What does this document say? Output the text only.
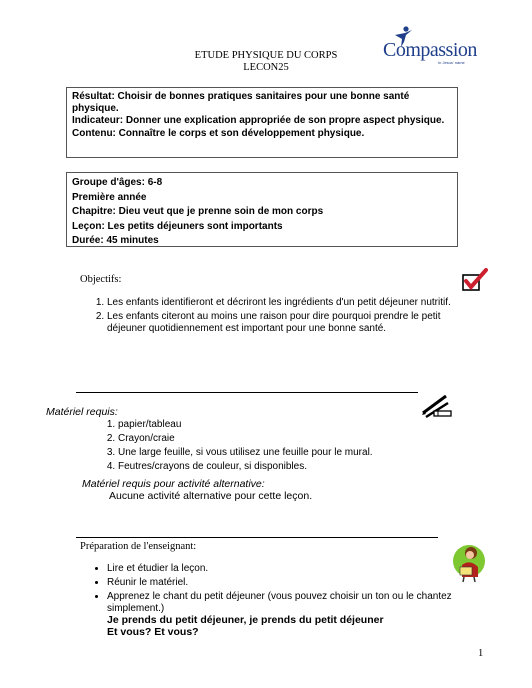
ETUDE PHYSIQUE DU CORPS
LECON25
Compassion
In Jesus' name
Résultat: Choisir de bonnes pratiques sanitaires pour une bonne santé physique.
Indicateur: Donner une explication appropriée de son propre aspect physique.
Contenu: Connaître le corps et son développement physique.
Groupe d'âges: 6-8
Première année
Chapitre: Dieu veut que je prenne soin de mon corps
Leçon: Les petits déjeuners sont importants
Durée: 45 minutes
Objectifs:
1. Les enfants identifieront et décriront les ingrédients d'un petit déjeuner nutritif.
2. Les enfants citeront au moins une raison pour dire pourquoi prendre le petit déjeuner quotidiennement est important pour une bonne santé.
Matériel requis:
1. papier/tableau
2. Crayon/craie
3. Une large feuille, si vous utilisez une feuille pour le mural.
4. Feutres/crayons de couleur, si disponibles.
Matériel requis pour activité alternative:
Aucune activité alternative pour cette leçon.
Préparation de l'enseignant:
• Lire et étudier la leçon.
• Réunir le matériel.
• Apprenez le chant du petit déjeuner (vous pouvez choisir un ton ou le chantez simplement.)
Je prends du petit déjeuner, je prends du petit déjeuner
Et vous? Et vous?
1
